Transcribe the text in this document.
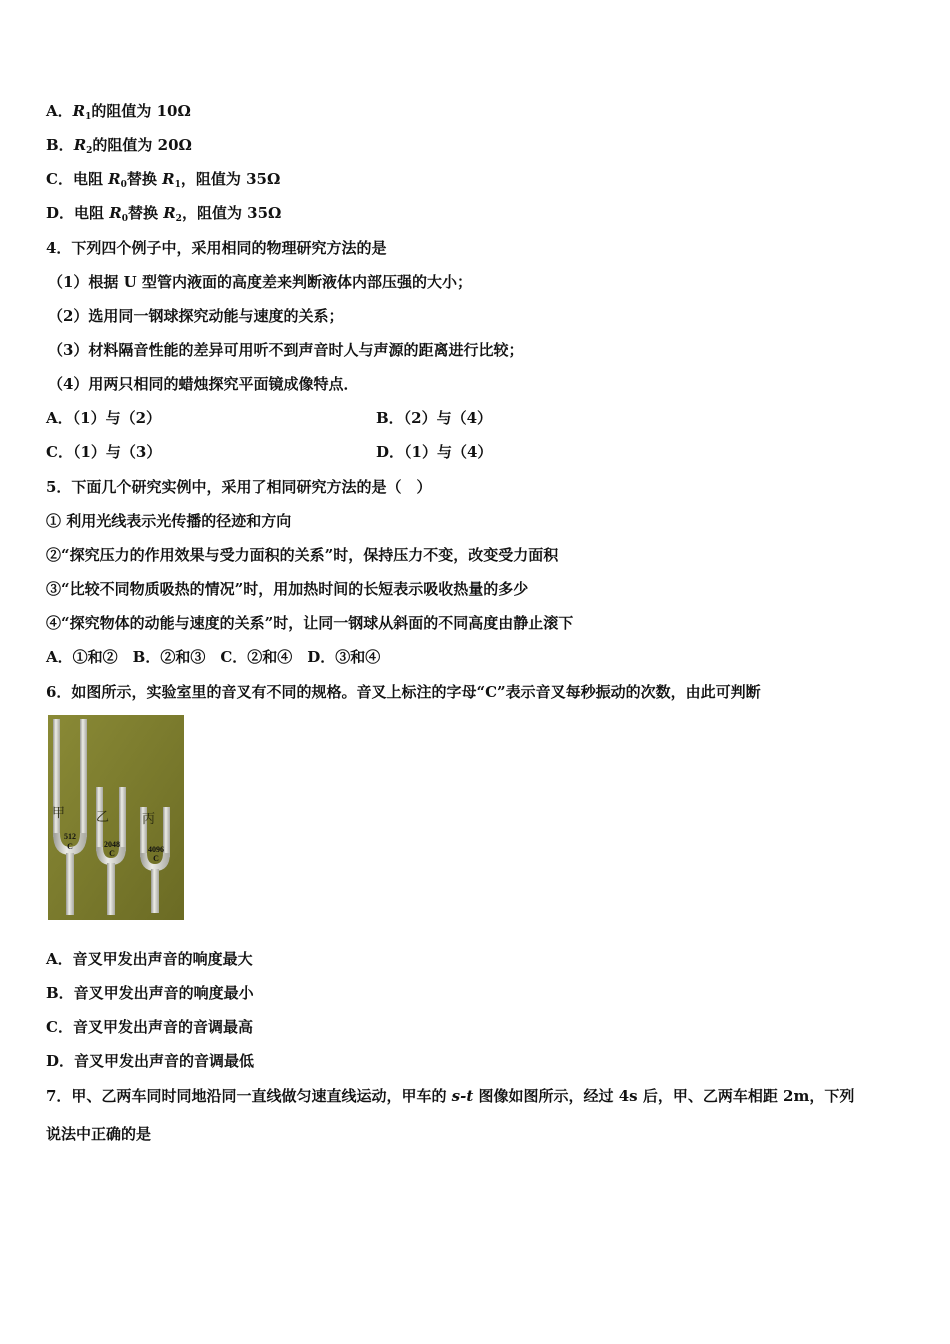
A．$R_1$的阻值为 10Ω
B．$R_2$的阻值为 20Ω
C．电阻 $R_0$替换 $R_1$，阻值为 35Ω
D．电阻 $R_0$替换 $R_2$，阻值为 35Ω
4．下列四个例子中，采用相同的物理研究方法的是
（1）根据 U 型管内液面的高度差来判断液体内部压强的大小；
（2）选用同一钢球探究动能与速度的关系；
（3）材料隔音性能的差异可用听不到声音时人与声源的距离进行比较；
（4）用两只相同的蜡烛探究平面镜成像特点．
A．（1）与（2）	B．（2）与（4）
C．（1）与（3）	D．（1）与（4）
5．下面几个研究实例中，采用了相同研究方法的是（　）
① 利用光线表示光传播的径迹和方向
②“探究压力的作用效果与受力面积的关系”时，保持压力不变，改变受力面积
③“比较不同物质吸热的情况”时，用加热时间的长短表示吸收热量的多少
④“探究物体的动能与速度的关系”时，让同一钢球从斜面的不同高度由静止滚下
A．①和②　B．②和③　C．②和④　D．③和④
6．如图所示，实验室里的音叉有不同的规格。音叉上标注的字母“C”表示音叉每秒振动的次数，由此可判断
甲 乙	丙
512
C	2048
C	4096
C
A．音叉甲发出声音的响度最大
B．音叉甲发出声音的响度最小
C．音叉甲发出声音的音调最高
D．音叉甲发出声音的音调最低
7．甲、乙两车同时同地沿同一直线做匀速直线运动，甲车的 s-t 图像如图所示，经过 4s 后，甲、乙两车相距 2m，下列
说法中正确的是
